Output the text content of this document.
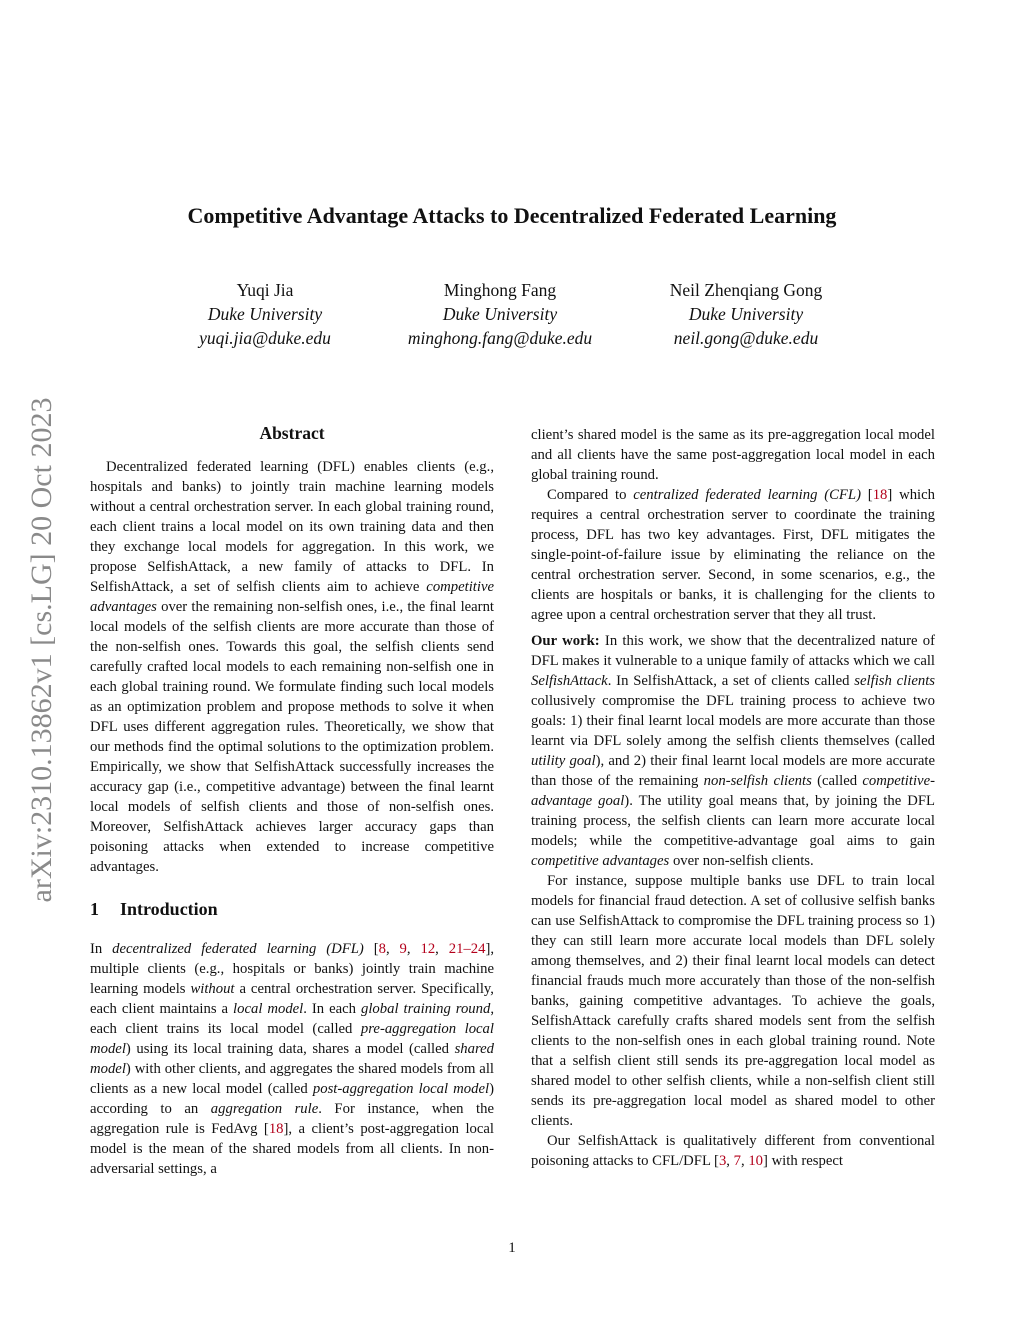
Competitive Advantage Attacks to Decentralized Federated Learning
Yuqi Jia
Duke University
yuqi.jia@duke.edu
Minghong Fang
Duke University
minghong.fang@duke.edu
Neil Zhenqiang Gong
Duke University
neil.gong@duke.edu
arXiv:2310.13862v1 [cs.LG] 20 Oct 2023	Abstract

Decentralized federated learning (DFL) enables clients (e.g., hospitals and banks) to jointly train machine learning models without a central orchestration server. In each global training round, each client trains a local model on its own training data and then they exchange local models for aggregation. In this work, we propose SelfishAttack, a new family of attacks to DFL. In SelfishAttack, a set of selfish clients aim to achieve competitive advantages over the remaining non-selfish ones, i.e., the final learnt local models of the selfish clients are more accurate than those of the non-selfish ones. Towards this goal, the selfish clients send carefully crafted local models to each remaining non-selfish one in each global training round. We formulate finding such local models as an optimization problem and propose methods to solve it when DFL uses different aggregation rules. Theoretically, we show that our methods find the optimal solutions to the optimization problem. Empirically, we show that SelfishAttack successfully increases the accuracy gap (i.e., competitive advantage) between the final learnt local models of selfish clients and those of non-selfish ones. Moreover, SelfishAttack achieves larger accuracy gaps than poisoning attacks when extended to increase competitive advantages.

1 Introduction

In decentralized federated learning (DFL) [8, 9, 12, 21–24], multiple clients (e.g., hospitals or banks) jointly train machine learning models without a central orchestration server. Specifically, each client maintains a local model. In each global training round, each client trains its local model (called pre-aggregation local model) using its local training data, shares a model (called shared model) with other clients, and aggregates the shared models from all clients as a new local model (called post-aggregation local model) according to an aggregation rule. For instance, when the aggregation rule is FedAvg [18], a client’s post-aggregation local model is the mean of the shared models from all clients. In non-adversarial settings, a

client’s shared model is the same as its pre-aggregation local model and all clients have the same post-aggregation local model in each global training round.

Compared to centralized federated learning (CFL) [18] which requires a central orchestration server to coordinate the training process, DFL has two key advantages. First, DFL mitigates the single-point-of-failure issue by eliminating the reliance on the central orchestration server. Second, in some scenarios, e.g., the clients are hospitals or banks, it is challenging for the clients to agree upon a central orchestration server that they all trust.

Our work: In this work, we show that the decentralized nature of DFL makes it vulnerable to a unique family of attacks which we call SelfishAttack. In SelfishAttack, a set of clients called selfish clients collusively compromise the DFL training process to achieve two goals: 1) their final learnt local models are more accurate than those learnt via DFL solely among the selfish clients themselves (called utility goal), and 2) their final learnt local models are more accurate than those of the remaining non-selfish clients (called competitive-advantage goal). The utility goal means that, by joining the DFL training process, the selfish clients can learn more accurate local models; while the competitive-advantage goal aims to gain competitive advantages over non-selfish clients.

For instance, suppose multiple banks use DFL to train local models for financial fraud detection. A set of collusive selfish banks can use SelfishAttack to compromise the DFL training process so 1) they can still learn more accurate local models than DFL solely among themselves, and 2) their final learnt local models can detect financial frauds much more accurately than those of the non-selfish banks, gaining competitive advantages. To achieve the goals, SelfishAttack carefully crafts shared models sent from the selfish clients to the non-selfish ones in each global training round. Note that a selfish client still sends its pre-aggregation local model as shared model to other selfish clients, while a non-selfish client still sends its pre-aggregation local model as shared model to other clients.

Our SelfishAttack is qualitatively different from conventional poisoning attacks to CFL/DFL [3, 7, 10] with respect

1
